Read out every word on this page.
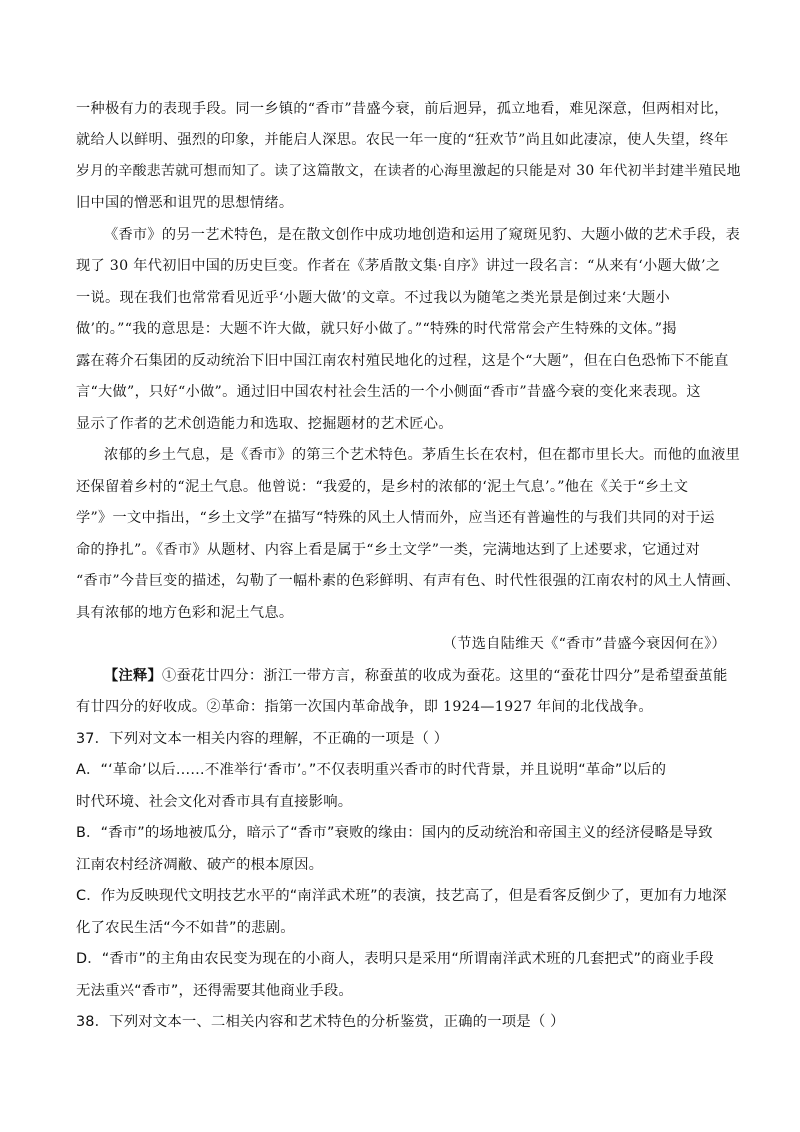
一种极有力的表现手段。同一乡镇的“香市”昔盛今衰，前后迥异，孤立地看，难见深意，但两相对比，
就给人以鲜明、强烈的印象，并能启人深思。农民一年一度的“狂欢节”尚且如此凄凉，使人失望，终年
岁月的辛酸悲苦就可想而知了。读了这篇散文，在读者的心海里激起的只能是对 30 年代初半封建半殖民地
旧中国的憎恶和诅咒的思想情绪。
《香市》的另一艺术特色，是在散文创作中成功地创造和运用了窥斑见豹、大题小做的艺术手段，表
现了 30 年代初旧中国的历史巨变。作者在《茅盾散文集·自序》讲过一段名言：“从来有‘小题大做’之
一说。现在我们也常常看见近乎‘小题大做’的文章。不过我以为随笔之类光景是倒过来‘大题小
做’的。”“我的意思是：大题不许大做，就只好小做了。”“特殊的时代常常会产生特殊的文体。”揭
露在蒋介石集团的反动统治下旧中国江南农村殖民地化的过程，这是个“大题”，但在白色恐怖下不能直
言“大做”，只好“小做”。通过旧中国农村社会生活的一个小侧面“香市”昔盛今衰的变化来表现。这
显示了作者的艺术创造能力和选取、挖掘题材的艺术匠心。
浓郁的乡土气息，是《香市》的第三个艺术特色。茅盾生长在农村，但在都市里长大。而他的血液里
还保留着乡村的“泥土气息。他曾说：“我爱的，是乡村的浓郁的‘泥土气息’。”他在《关于“乡土文
学”》一文中指出，“乡土文学”在描写“特殊的风土人情而外，应当还有普遍性的与我们共同的对于运
命的挣扎”。《香市》从题材、内容上看是属于“乡土文学”一类，完满地达到了上述要求，它通过对
“香市”今昔巨变的描述，勾勒了一幅朴素的色彩鲜明、有声有色、时代性很强的江南农村的风土人情画、
具有浓郁的地方色彩和泥土气息。
（节选自陆维天《“香市”昔盛今衰因何在》）
【注释】①蚕花廿四分：浙江一带方言，称蚕茧的收成为蚕花。这里的“蚕花廿四分”是希望蚕茧能
有廿四分的好收成。②革命：指第一次国内革命战争，即 1924—1927 年间的北伐战争。
37．下列对文本一相关内容的理解，不正确的一项是（ ）
A．“‘革命’以后……不准举行‘香市’。”不仅表明重兴香市的时代背景，并且说明“革命”以后的
时代环境、社会文化对香市具有直接影响。
B．“香市”的场地被瓜分，暗示了“香市”衰败的缘由：国内的反动统治和帝国主义的经济侵略是导致
江南农村经济凋敝、破产的根本原因。
C．作为反映现代文明技艺水平的“南洋武术班”的表演，技艺高了，但是看客反倒少了，更加有力地深
化了农民生活“今不如昔”的悲剧。
D．“香市”的主角由农民变为现在的小商人，表明只是采用“所谓南洋武术班的几套把式”的商业手段
无法重兴“香市”，还得需要其他商业手段。
38．下列对文本一、二相关内容和艺术特色的分析鉴赏，正确的一项是（ ）
